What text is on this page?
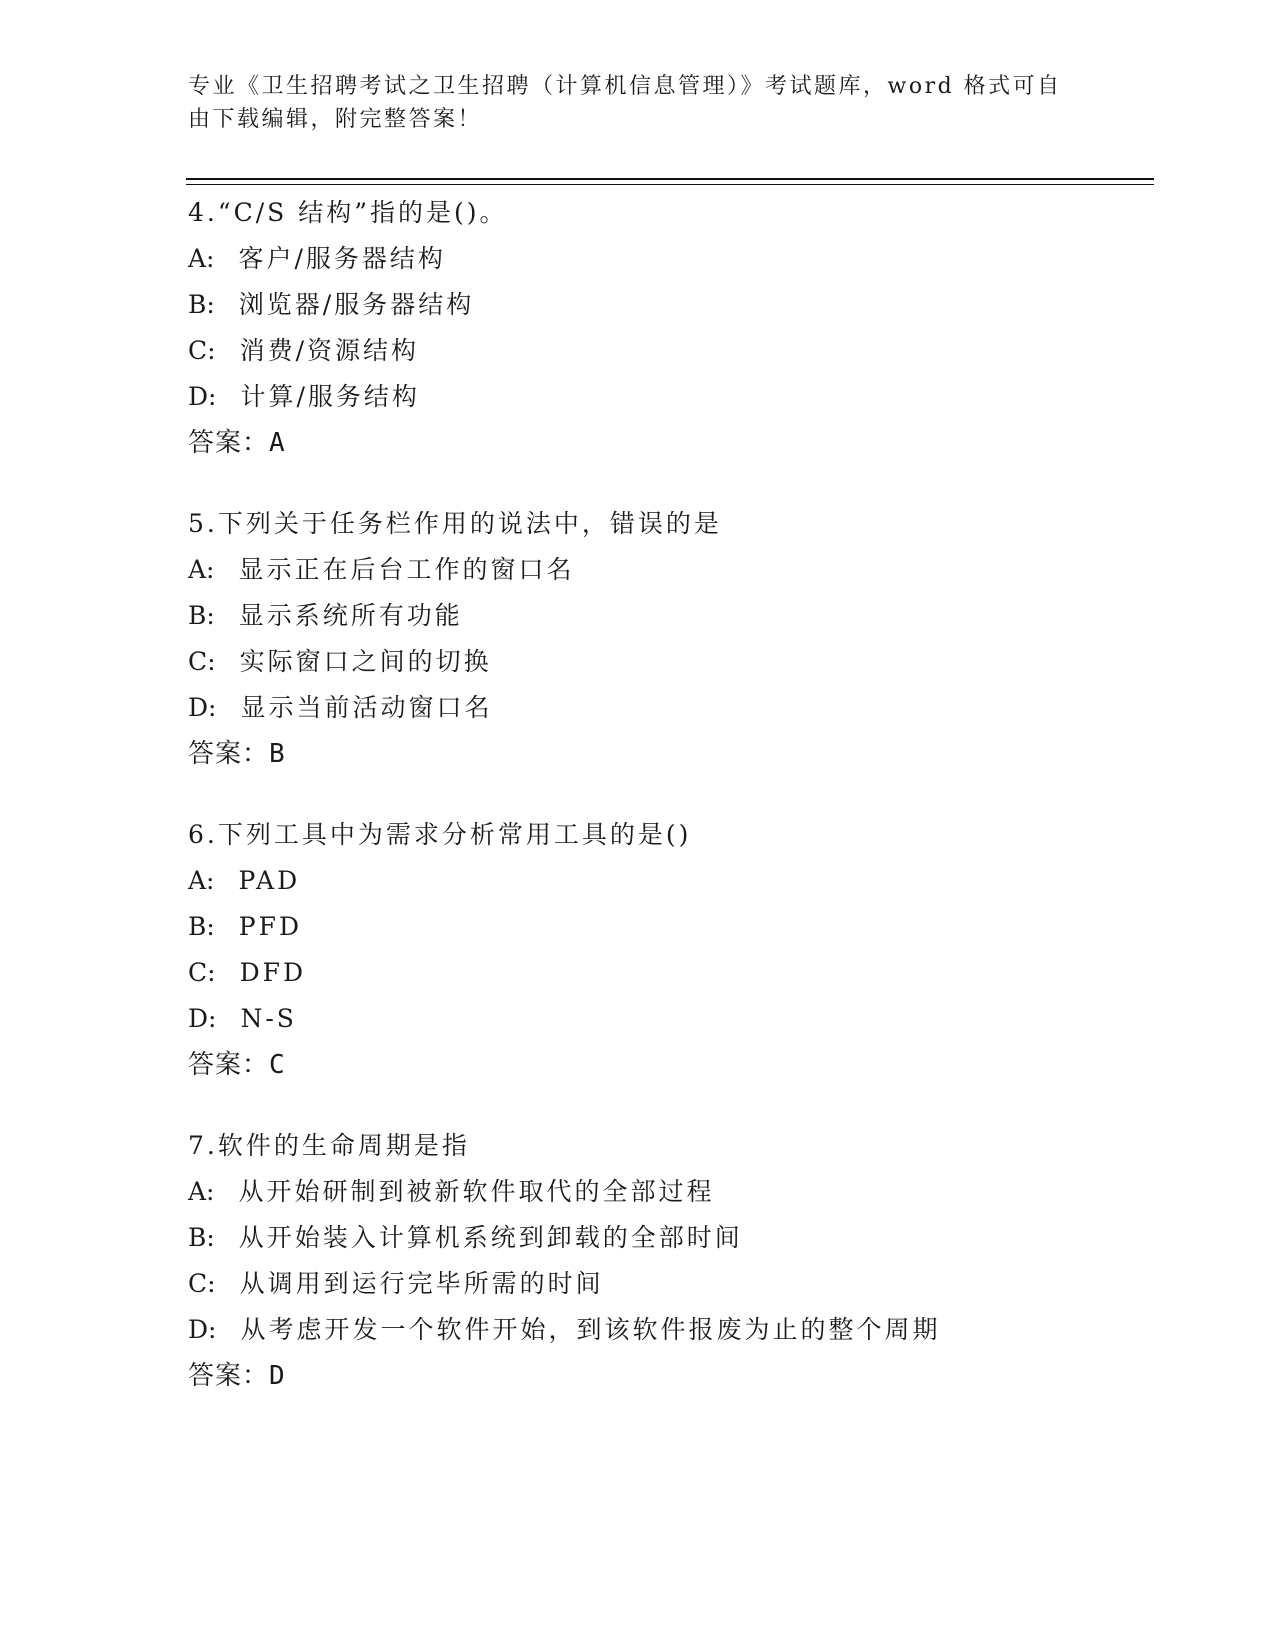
专业《卫生招聘考试之卫生招聘（计算机信息管理）》考试题库，word 格式可自
由下载编辑，附完整答案！
4.“C/S 结构”指的是()。
A: 客户/服务器结构
B: 浏览器/服务器结构
C: 消费/资源结构
D: 计算/服务结构
答案：A
5.下列关于任务栏作用的说法中，错误的是
A: 显示正在后台工作的窗口名
B: 显示系统所有功能
C: 实际窗口之间的切换
D: 显示当前活动窗口名
答案：B
6.下列工具中为需求分析常用工具的是()
A: PAD
B: PFD
C: DFD
D: N-S
答案：C
7.软件的生命周期是指
A: 从开始研制到被新软件取代的全部过程
B: 从开始装入计算机系统到卸载的全部时间
C: 从调用到运行完毕所需的时间
D: 从考虑开发一个软件开始，到该软件报废为止的整个周期
答案：D
